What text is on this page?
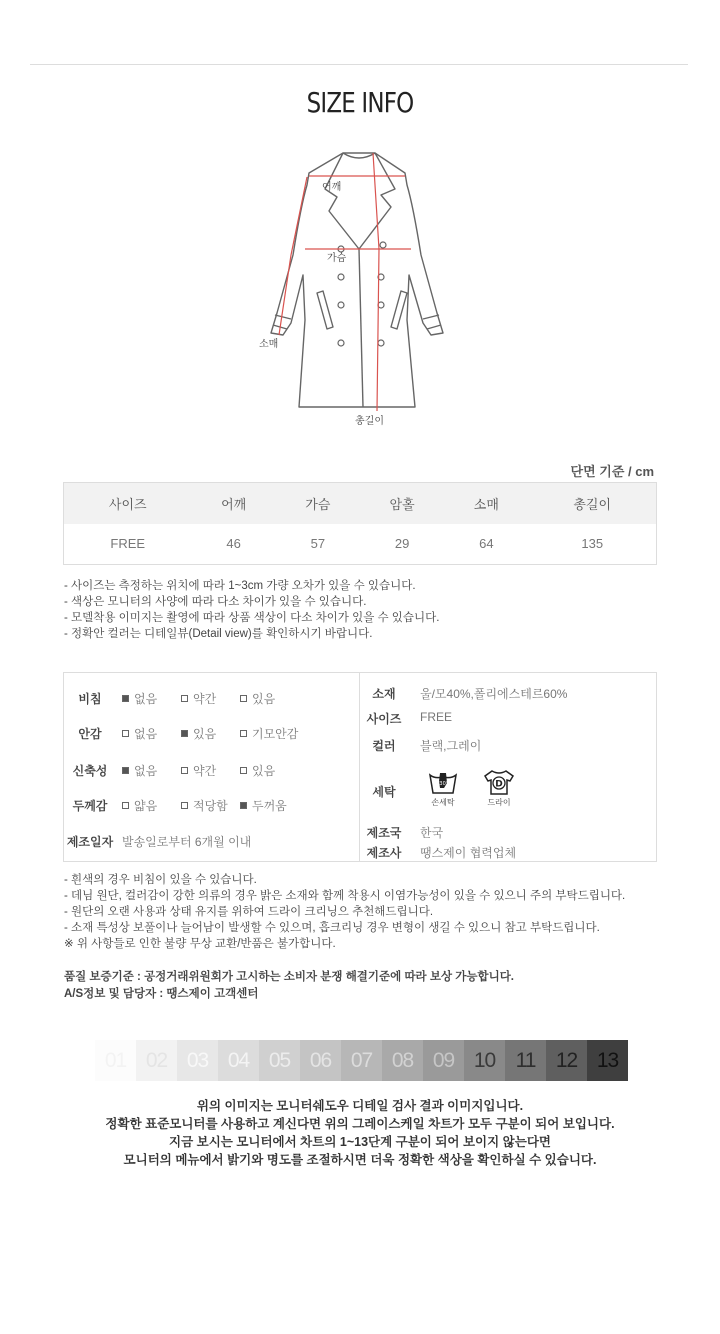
SIZE INFO
어깨
가슴
소매
총길이
단면 기준 / cm
사이즈	어깨	가슴	암홀	소매	총길이
FREE	46	57	29	64	135

- 사이즈는 측정하는 위치에 따라 1~3cm 가량 오차가 있을 수 있습니다.

- 색상은 모니터의 사양에 따라 다소 차이가 있을 수 있습니다.

- 모델착용 이미지는 촬영에 따라 상품 색상이 다소 차이가 있을 수 있습니다.

- 정확안 컬러는 디테일뷰(Detail view)를 확인하시기 바랍니다.

비침	없음	약간	있음
안감	없음	있음	기모안감
신축성	없음	약간	있음
두께감	얇음	적당함	두꺼움
제조일자 발송일로부터 6개월 이내
소재	울/모40%,폴리에스테르60%
사이즈 FREE
컬러	블랙,그레이
세탁
약30℃
손세탁
D
드라이
제조국 한국
제조사 땡스제이 협력업체

- 흰색의 경우 비침이 있을 수 있습니다.

- 데님 원단, 컬러감이 강한 의류의 경우 밝은 소재와 함께 착용시 이염가능성이 있을 수 있으니 주의 부탁드립니다.

- 원단의 오랜 사용과 상태 유지를 위하여 드라이 크리닝으 추천해드립니다.

- 소재 특성상 보풀이나 늘어남이 발생할 수 있으며, 흡크리닝 경우 변형이 생길 수 있으니 참고 부탁드립니다.

※ 위 사항들로 인한 불량 무상 교환/반품은 불가합니다.

품질 보증기준 : 공정거래위원회가 고시하는 소비자 분쟁 해결기준에 따라 보상 가능합니다.

A/S정보 및 담당자 : 땡스제이 고객센터

01 02 03 04 05 06 07 08 09 10 11 12 13

위의 이미지는 모니터쉐도우 디테일 검사 결과 이미지입니다.

정확한 표준모니터를 사용하고 계신다면 위의 그레이스케일 차트가 모두 구분이 되어 보입니다.

지금 보시는 모니터에서 차트의 1~13단계 구분이 되어 보이지 않는다면

모니터의 메뉴에서 밝기와 명도를 조절하시면 더욱 정확한 색상을 확인하실 수 있습니다.
